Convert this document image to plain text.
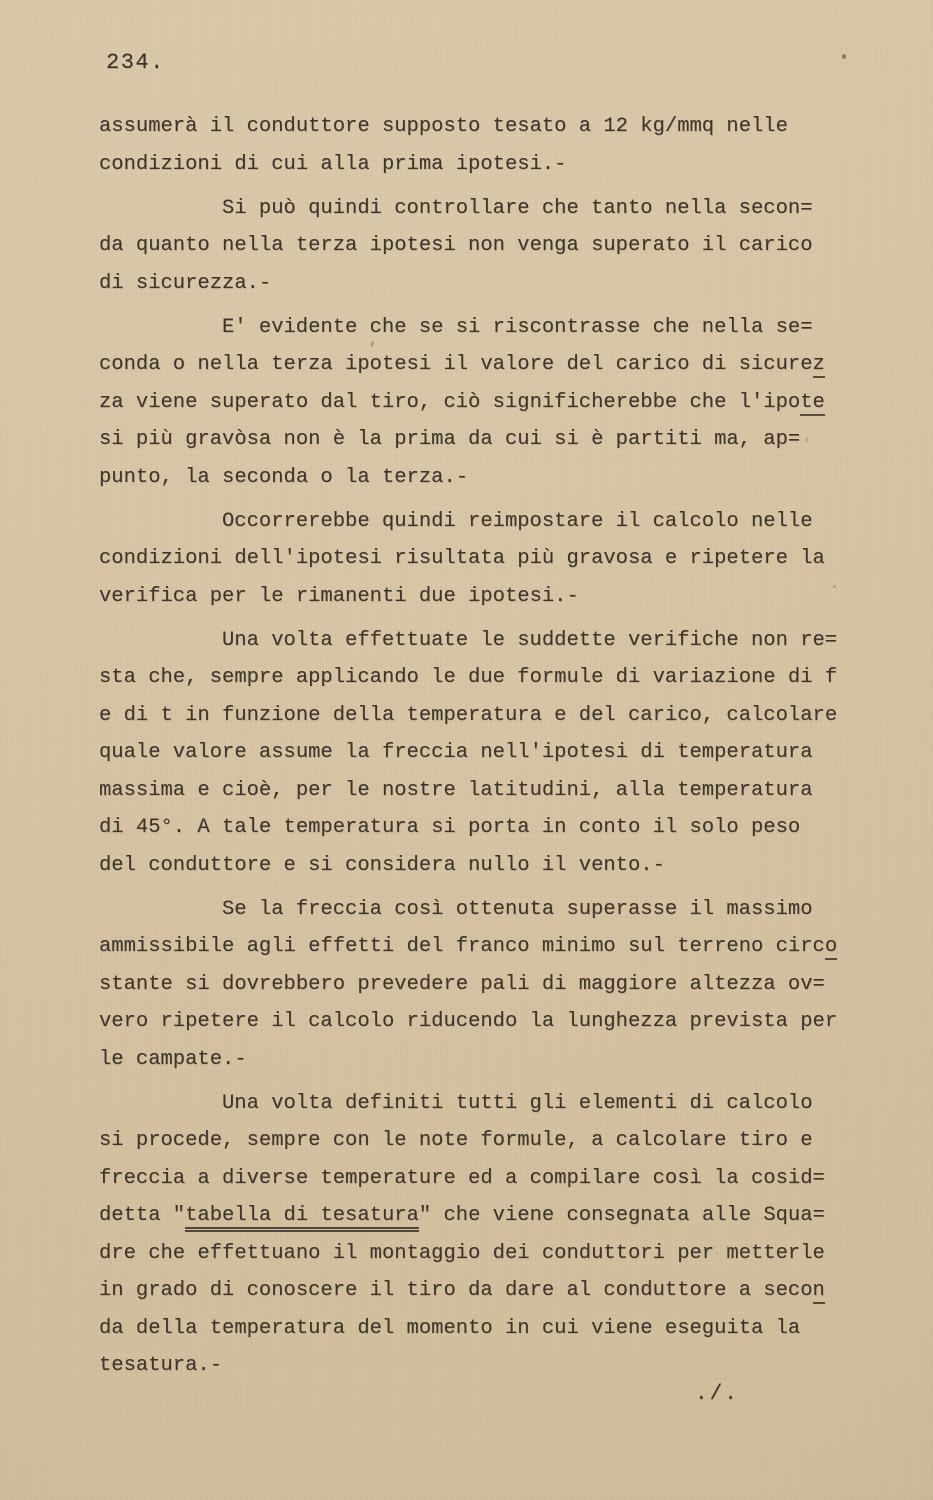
234.
assumerà il conduttore supposto tesato a 12 kg/mmq nelle
condizioni di cui alla prima ipotesi.-
Si può quindi controllare che tanto nella secon=
da quanto nella terza ipotesi non venga superato il carico
di sicurezza.-
E' evidente che se si riscontrasse che nella se=
conda o nella terza ipotesi il valore del carico di sicurez
za viene superato dal tiro, ciò significherebbe che l'ipote
si più gravòsa non è la prima da cui si è partiti ma, ap=
punto, la seconda o la terza.-
Occorrerebbe quindi reimpostare il calcolo nelle
condizioni dell'ipotesi risultata più gravosa e ripetere la
verifica per le rimanenti due ipotesi.-
Una volta effettuate le suddette verifiche non re=
sta che, sempre applicando le due formule di variazione di f
e di t in funzione della temperatura e del carico, calcolare
quale valore assume la freccia nell'ipotesi di temperatura
massima e cioè, per le nostre latitudini, alla temperatura
di 45°. A tale temperatura si porta in conto il solo peso
del conduttore e si considera nullo il vento.-
Se la freccia così ottenuta superasse il massimo
ammissibile agli effetti del franco minimo sul terreno circo
stante si dovrebbero prevedere pali di maggiore altezza ov=
vero ripetere il calcolo riducendo la lunghezza prevista per
le campate.-
Una volta definiti tutti gli elementi di calcolo
si procede, sempre con le note formule, a calcolare tiro e
freccia a diverse temperature ed a compilare così la cosid=
detta "tabella di tesatura" che viene consegnata alle Squa=
dre che effettuano il montaggio dei conduttori per metterle
in grado di conoscere il tiro da dare al conduttore a secon
da della temperatura del momento in cui viene eseguita la
tesatura.-
./.
